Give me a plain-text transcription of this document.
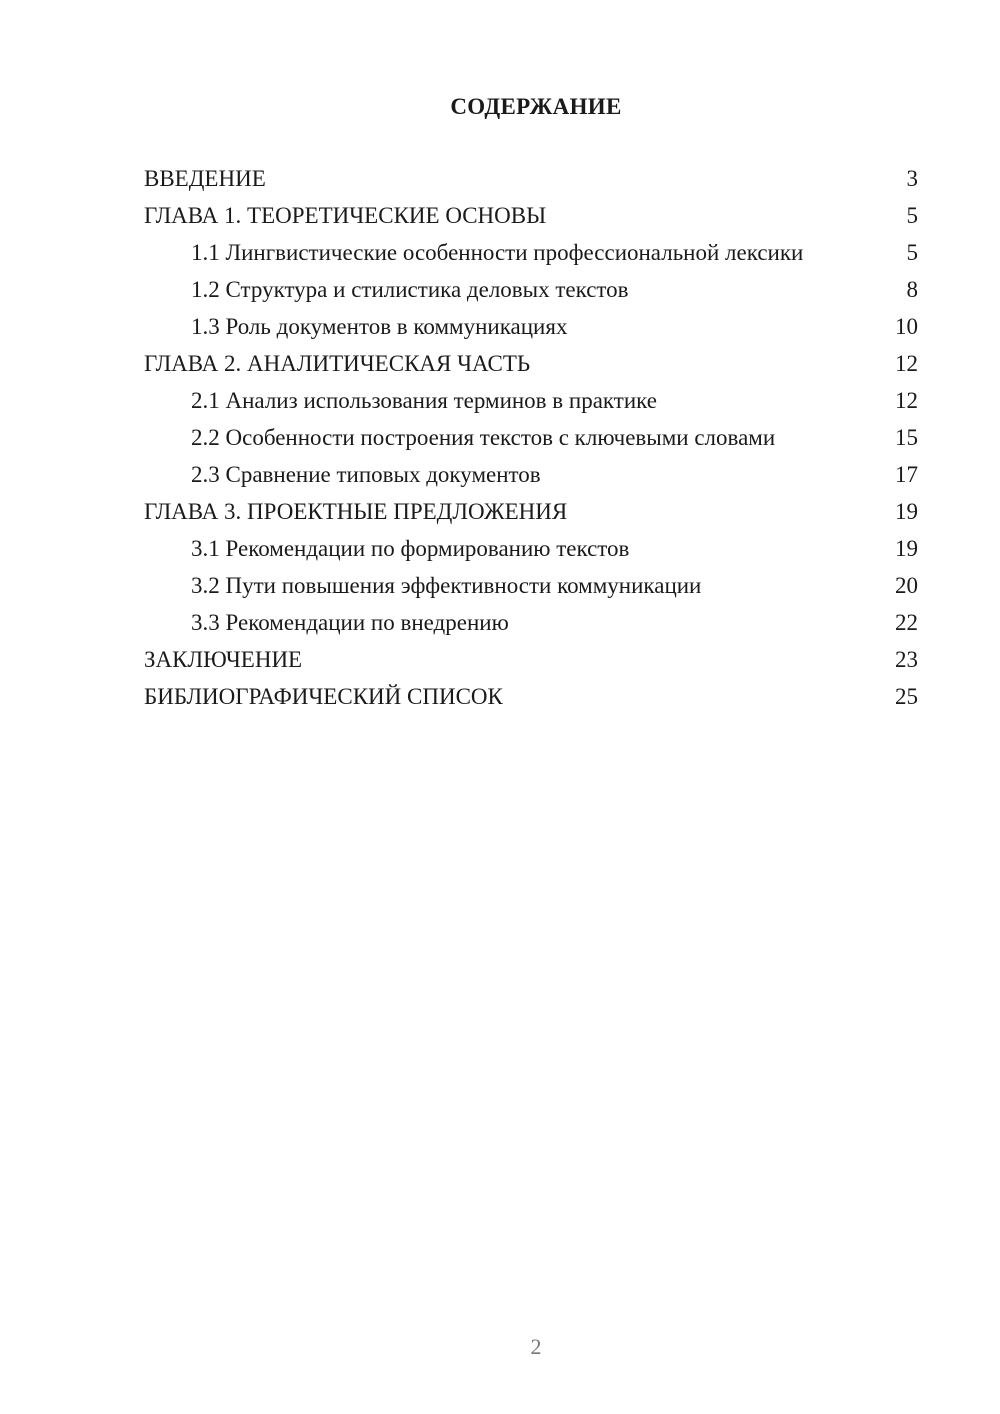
СОДЕРЖАНИЕ
ВВЕДЕНИЕ	3
ГЛАВА 1. ТЕОРЕТИЧЕСКИЕ ОСНОВЫ	5
1.1 Лингвистические особенности профессиональной лексики	5
1.2 Структура и стилистика деловых текстов	8
1.3 Роль документов в коммуникациях	10
ГЛАВА 2. АНАЛИТИЧЕСКАЯ ЧАСТЬ	12
2.1 Анализ использования терминов в практике	12
2.2 Особенности построения текстов с ключевыми словами	15
2.3 Сравнение типовых документов	17
ГЛАВА 3. ПРОЕКТНЫЕ ПРЕДЛОЖЕНИЯ	19
3.1 Рекомендации по формированию текстов	19
3.2 Пути повышения эффективности коммуникации	20
3.3 Рекомендации по внедрению	22
ЗАКЛЮЧЕНИЕ	23
БИБЛИОГРАФИЧЕСКИЙ СПИСОК	25
2
